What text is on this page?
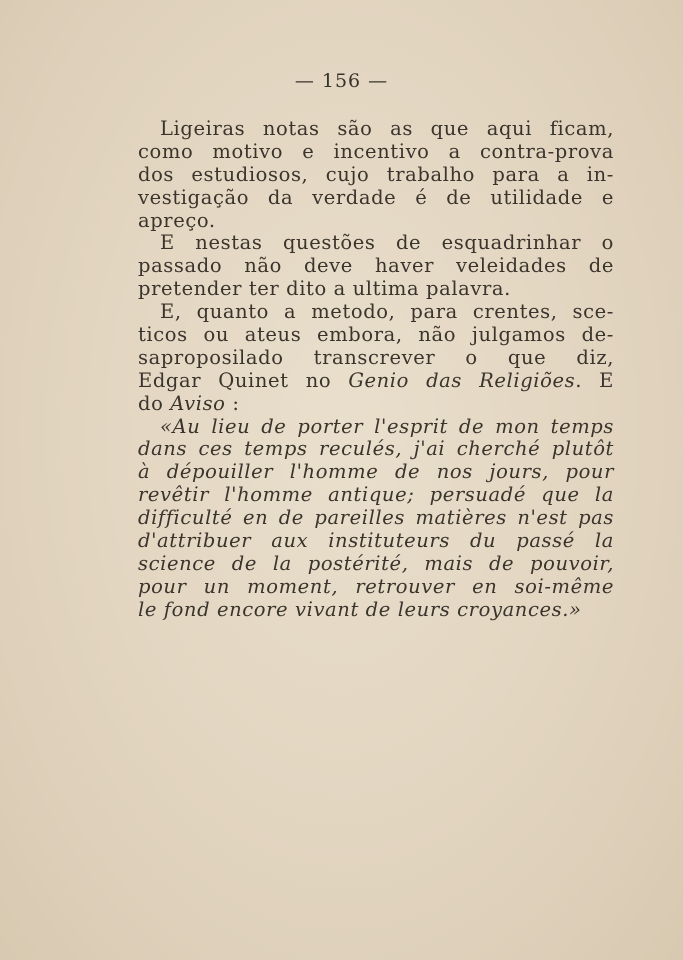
— 156 —
Ligeiras notas são as que aqui ficam,
como motivo e incentivo a contra-prova
dos estudiosos, cujo trabalho para a in-
vestigação da verdade é de utilidade e
apreço.
E nestas questões de esquadrinhar o
passado não deve haver veleidades de
pretender ter dito a ultima palavra.
E, quanto a metodo, para crentes, sce-
ticos ou ateus embora, não julgamos de-
saproposilado transcrever o que diz,
Edgar Quinet no Genio das Religiões. E
do Aviso :
«Au lieu de porter l'esprit de mon temps
dans ces temps reculés, j'ai cherché plutôt
à dépouiller l'homme de nos jours, pour
revêtir l'homme antique; persuadé que la
difficulté en de pareilles matières n'est pas
d'attribuer aux instituteurs du passé la
science de la postérité, mais de pouvoir,
pour un moment, retrouver en soi-même
le fond encore vivant de leurs croyances.»
